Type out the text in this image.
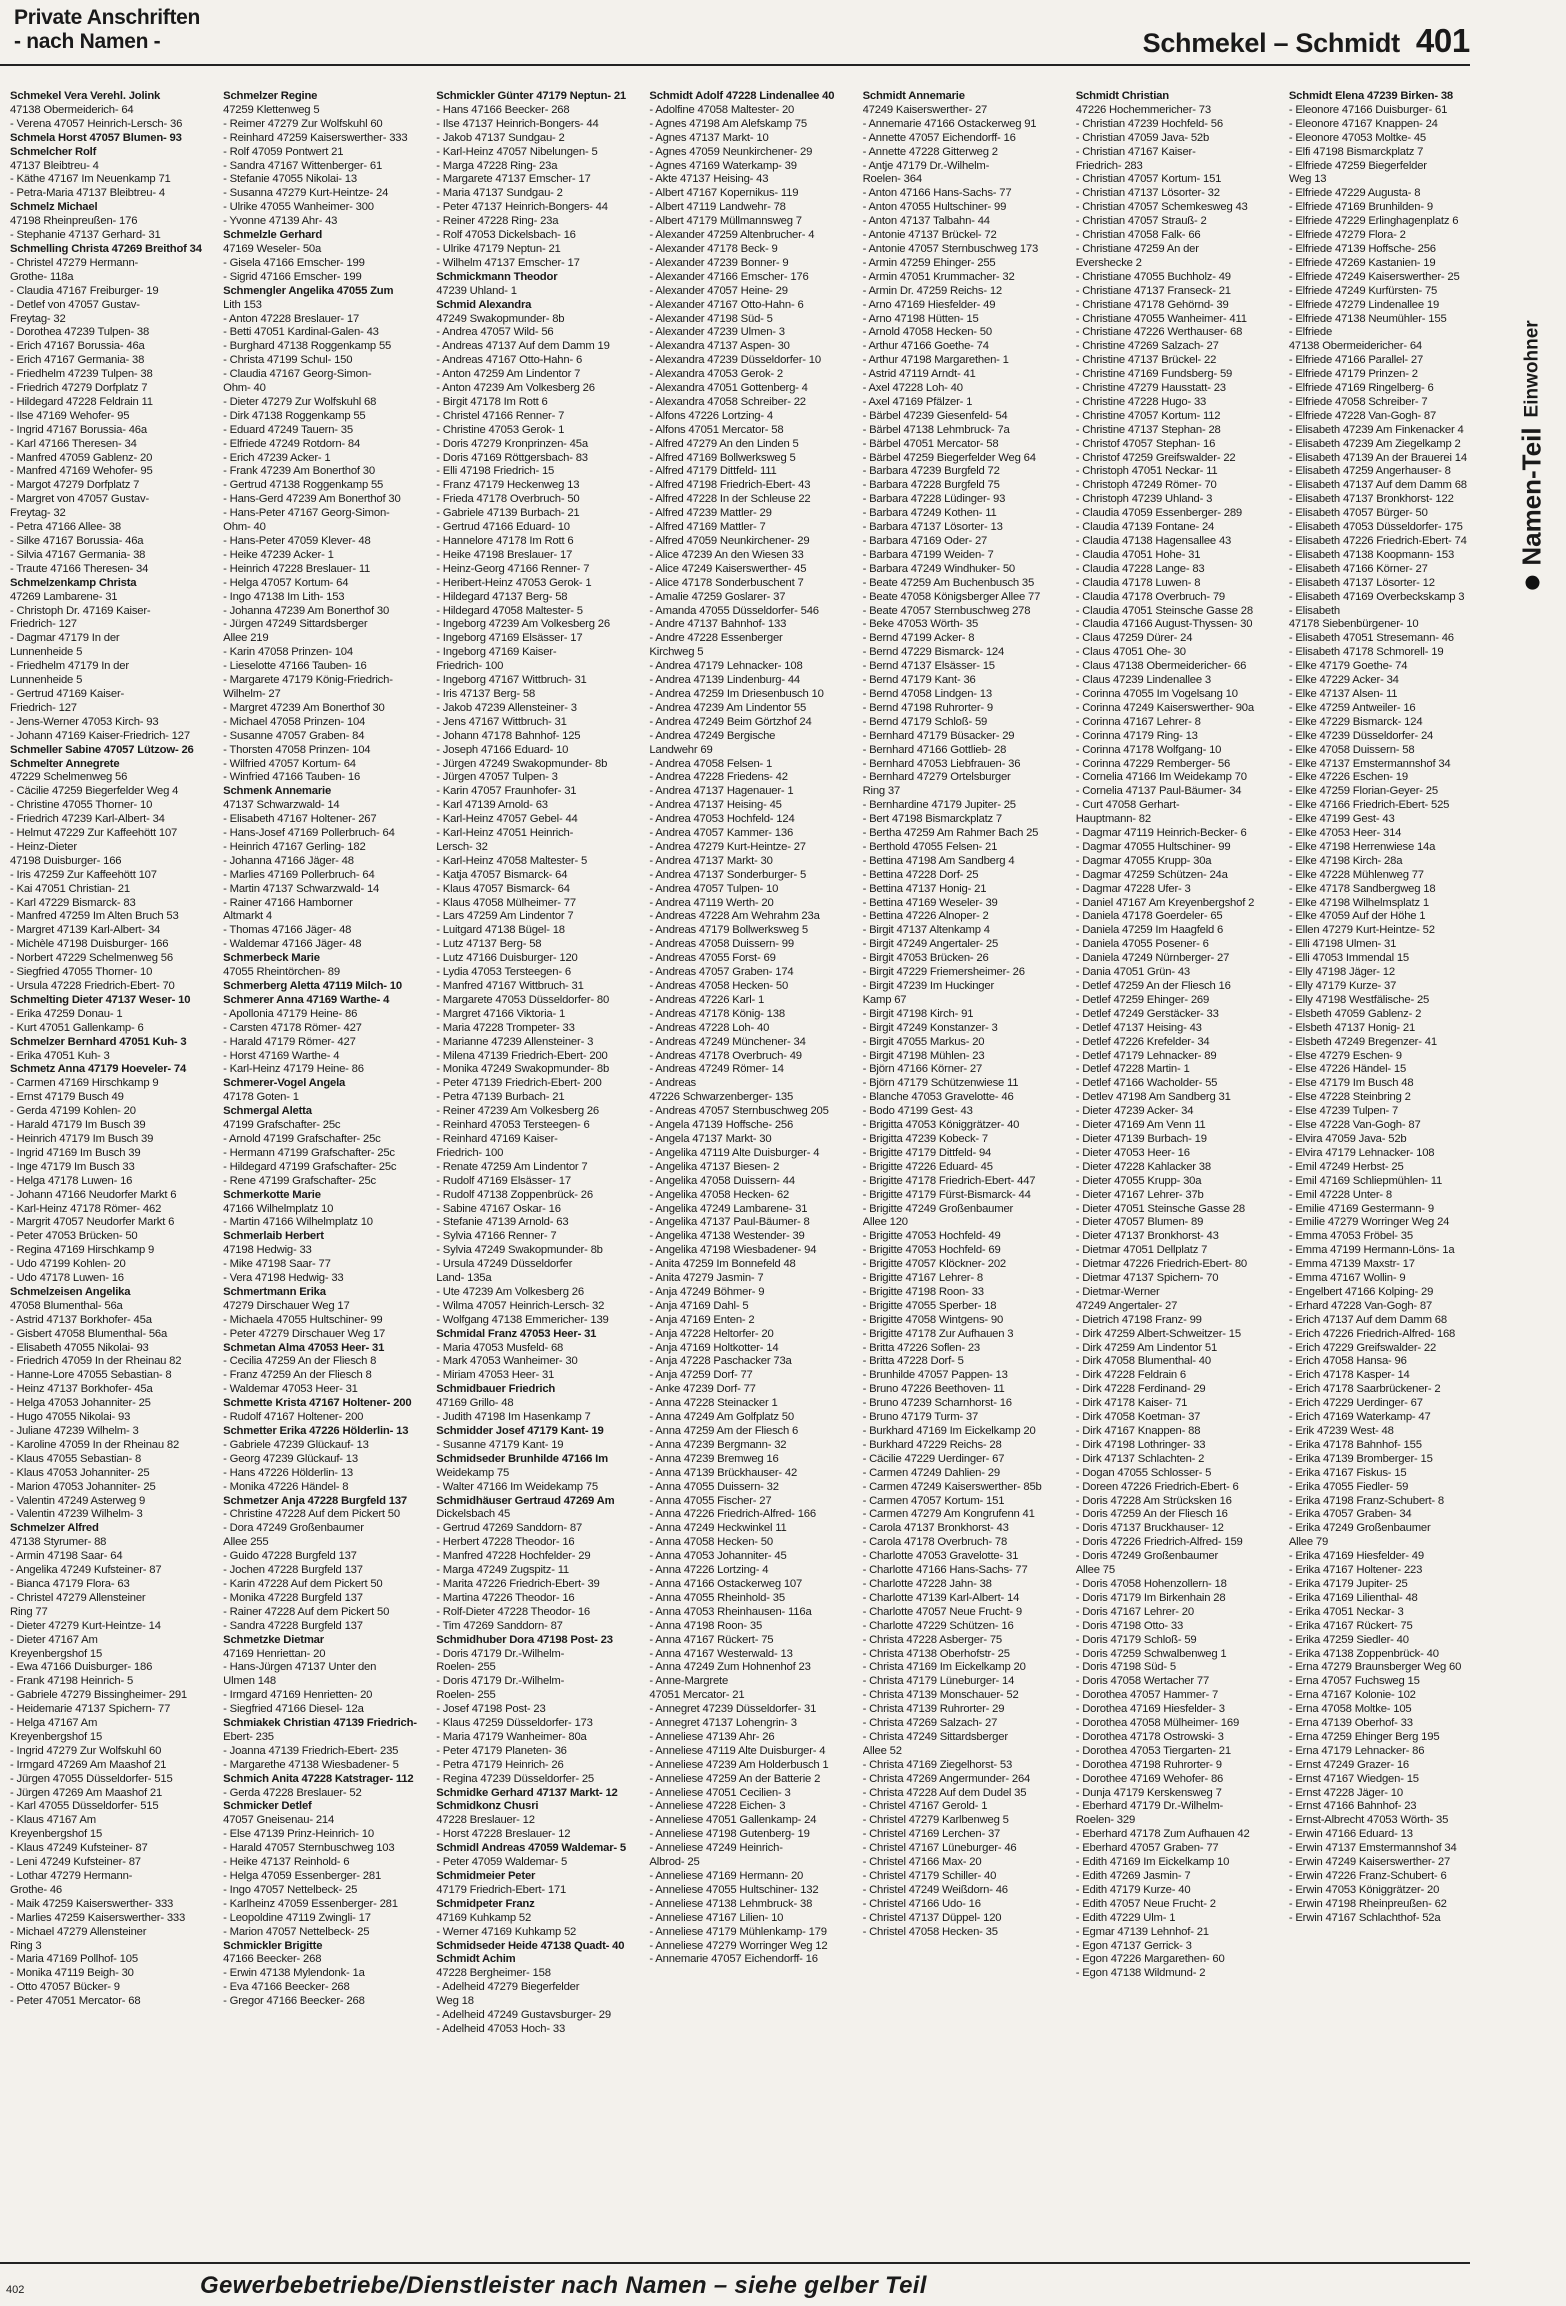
Private Anschriften
- nach Namen -	Schmekel – Schmidt 401
Namen-Teil
Einwohner
Schmekel Vera Verehl. Jolink
47138 Obermeiderich- 64
- Verena 47057 Heinrich-Lersch- 36
Schmela Horst 47057 Blumen- 93
Schmelcher Rolf
47137 Bleibtreu- 4
- Käthe 47167 Im Neuenkamp 71
- Petra-Maria 47137 Bleibtreu- 4
Schmelz Michael
47198 Rheinpreußen- 176
- Stephanie 47137 Gerhard- 31
Schmelling Christa 47269 Breithof 34
- Christel 47279 Hermann-
Grothe- 118a
- Claudia 47167 Freiburger- 19
- Detlef von 47057 Gustav-
Freytag- 32
- Dorothea 47239 Tulpen- 38
- Erich 47167 Borussia- 46a
- Erich 47167 Germania- 38
- Friedhelm 47239 Tulpen- 38
- Friedrich 47279 Dorfplatz 7
- Hildegard 47228 Feldrain 11
- Ilse 47169 Wehofer- 95
- Ingrid 47167 Borussia- 46a
- Karl 47166 Theresen- 34
- Manfred 47059 Gablenz- 20
- Manfred 47169 Wehofer- 95
- Margot 47279 Dorfplatz 7
- Margret von 47057 Gustav-
Freytag- 32
- Petra 47166 Allee- 38
- Silke 47167 Borussia- 46a
- Silvia 47167 Germania- 38
- Traute 47166 Theresen- 34
Schmelzenkamp Christa
47269 Lambarene- 31
- Christoph Dr. 47169 Kaiser-
Friedrich- 127
- Dagmar 47179 In der
Lunnenheide 5
- Friedhelm 47179 In der
Lunnenheide 5
- Gertrud 47169 Kaiser-
Friedrich- 127
- Jens-Werner 47053 Kirch- 93
- Johann 47169 Kaiser-Friedrich- 127
Schmeller Sabine 47057 Lützow- 26
Schmelter Annegrete
47229 Schelmenweg 56
- Cäcilie 47259 Biegerfelder Weg 4
- Christine 47055 Thorner- 10
- Friedrich 47239 Karl-Albert- 34
- Helmut 47229 Zur Kaffeehött 107
- Heinz-Dieter
47198 Duisburger- 166
- Iris 47259 Zur Kaffeehött 107
- Kai 47051 Christian- 21
- Karl 47229 Bismarck- 83
- Manfred 47259 Im Alten Bruch 53
- Margret 47139 Karl-Albert- 34
- Michèle 47198 Duisburger- 166
- Norbert 47229 Schelmenweg 56
- Siegfried 47055 Thorner- 10
- Ursula 47228 Friedrich-Ebert- 70
Schmelting Dieter 47137 Weser- 10
- Erika 47259 Donau- 1
- Kurt 47051 Gallenkamp- 6
Schmelzer Bernhard 47051 Kuh- 3
- Erika 47051 Kuh- 3
Schmetz Anna 47179 Hoeveler- 74
- Carmen 47169 Hirschkamp 9
- Ernst 47179 Busch 49
- Gerda 47199 Kohlen- 20
- Harald 47179 Im Busch 39
- Heinrich 47179 Im Busch 39
- Ingrid 47169 Im Busch 39
- Inge 47179 Im Busch 33
- Helga 47178 Luwen- 16
- Johann 47166 Neudorfer Markt 6
- Karl-Heinz 47178 Römer- 462
- Margrit 47057 Neudorfer Markt 6
- Peter 47053 Brücken- 50
- Regina 47169 Hirschkamp 9
- Udo 47199 Kohlen- 20
- Udo 47178 Luwen- 16
Schmelzeisen Angelika
47058 Blumenthal- 56a
- Astrid 47137 Borkhofer- 45a
- Gisbert 47058 Blumenthal- 56a
- Elisabeth 47055 Nikolai- 93
- Friedrich 47059 In der Rheinau 82
- Hanne-Lore 47055 Sebastian- 8
- Heinz 47137 Borkhofer- 45a
- Helga 47053 Johanniter- 25
- Hugo 47055 Nikolai- 93
- Juliane 47239 Wilhelm- 3
- Karoline 47059 In der Rheinau 82
- Klaus 47055 Sebastian- 8
- Klaus 47053 Johanniter- 25
- Marion 47053 Johanniter- 25
- Valentin 47249 Asterweg 9
- Valentin 47239 Wilhelm- 3
Schmelzer Alfred
47138 Styrumer- 88
- Armin 47198 Saar- 64
- Angelika 47249 Kufsteiner- 87
- Bianca 47179 Flora- 63
- Christel 47279 Allensteiner
Ring 77
- Dieter 47279 Kurt-Heintze- 14
- Dieter 47167 Am
Kreyenbergshof 15
- Ewa 47166 Duisburger- 186
- Frank 47198 Heinrich- 5
- Gabriele 47279 Bissingheimer- 291
- Heidemarie 47137 Spichern- 77
- Helga 47167 Am
Kreyenbergshof 15
- Ingrid 47279 Zur Wolfskuhl 60
- Irmgard 47269 Am Maashof 21
- Jürgen 47055 Düsseldorfer- 515
- Jürgen 47269 Am Maashof 21
- Karl 47055 Düsseldorfer- 515
- Klaus 47167 Am
Kreyenbergshof 15
- Klaus 47249 Kufsteiner- 87
- Leni 47249 Kufsteiner- 87
- Lothar 47279 Hermann-
Grothe- 46
- Maik 47259 Kaiserswerther- 333
- Marlies 47259 Kaiserswerther- 333
- Michael 47279 Allensteiner
Ring 3
- Maria 47169 Pollhof- 105
- Monika 47119 Beigh- 30
- Otto 47057 Bücker- 9
- Peter 47051 Mercator- 68
Schmelzer Regine
47259 Klettenweg 5
- Reimer 47279 Zur Wolfskuhl 60
- Reinhard 47259 Kaiserswerther- 333
- Rolf 47059 Pontwert 21
- Sandra 47167 Wittenberger- 61
- Stefanie 47055 Nikolai- 13
- Susanna 47279 Kurt-Heintze- 24
- Ulrike 47055 Wanheimer- 300
- Yvonne 47139 Ahr- 43
Schmelzle Gerhard
47169 Weseler- 50a
- Gisela 47166 Emscher- 199
- Sigrid 47166 Emscher- 199
Schmengler Angelika 47055 Zum
Lith 153
- Anton 47228 Breslauer- 17
- Betti 47051 Kardinal-Galen- 43
- Burghard 47138 Roggenkamp 55
- Christa 47199 Schul- 150
- Claudia 47167 Georg-Simon-
Ohm- 40
- Dieter 47279 Zur Wolfskuhl 68
- Dirk 47138 Roggenkamp 55
- Eduard 47249 Tauern- 35
- Elfriede 47249 Rotdorn- 84
- Erich 47239 Acker- 1
- Frank 47239 Am Bonerthof 30
- Gertrud 47138 Roggenkamp 55
- Hans-Gerd 47239 Am Bonerthof 30
- Hans-Peter 47167 Georg-Simon-
Ohm- 40
- Hans-Peter 47059 Klever- 48
- Heike 47239 Acker- 1
- Heinrich 47228 Breslauer- 11
- Helga 47057 Kortum- 64
- Ingo 47138 Im Lith- 153
- Johanna 47239 Am Bonerthof 30
- Jürgen 47249 Sittardsberger
Allee 219
- Karin 47058 Prinzen- 104
- Lieselotte 47166 Tauben- 16
- Margarete 47179 König-Friedrich-
Wilhelm- 27
- Margret 47239 Am Bonerthof 30
- Michael 47058 Prinzen- 104
- Susanne 47057 Graben- 84
- Thorsten 47058 Prinzen- 104
- Wilfried 47057 Kortum- 64
- Winfried 47166 Tauben- 16
Schmenk Annemarie
47137 Schwarzwald- 14
- Elisabeth 47167 Holtener- 267
- Hans-Josef 47169 Pollerbruch- 64
- Heinrich 47167 Gerling- 182
- Johanna 47166 Jäger- 48
- Marlies 47169 Pollerbruch- 64
- Martin 47137 Schwarzwald- 14
- Rainer 47166 Hamborner
Altmarkt 4
- Thomas 47166 Jäger- 48
- Waldemar 47166 Jäger- 48
Schmerbeck Marie
47055 Rheintörchen- 89
Schmerberg Aletta 47119 Milch- 10
Schmerer Anna 47169 Warthe- 4
- Apollonia 47179 Heine- 86
- Carsten 47178 Römer- 427
- Harald 47179 Römer- 427
- Horst 47169 Warthe- 4
- Karl-Heinz 47179 Heine- 86
Schmerer-Vogel Angela
47178 Goten- 1
Schmergal Aletta
47199 Grafschafter- 25c
- Arnold 47199 Grafschafter- 25c
- Hermann 47199 Grafschafter- 25c
- Hildegard 47199 Grafschafter- 25c
- Rene 47199 Grafschafter- 25c
Schmerkotte Marie
47166 Wilhelmplatz 10
- Martin 47166 Wilhelmplatz 10
Schmerlaib Herbert
47198 Hedwig- 33
- Mike 47198 Saar- 77
- Vera 47198 Hedwig- 33
Schmertmann Erika
47279 Dirschauer Weg 17
- Michaela 47055 Hultschiner- 99
- Peter 47279 Dirschauer Weg 17
Schmetan Alma 47053 Heer- 31
- Cecilia 47259 An der Fliesch 8
- Franz 47259 An der Fliesch 8
- Waldemar 47053 Heer- 31
Schmette Krista 47167 Holtener- 200
- Rudolf 47167 Holtener- 200
Schmetter Erika 47226 Hölderlin- 13
- Gabriele 47239 Glückauf- 13
- Georg 47239 Glückauf- 13
- Hans 47226 Hölderlin- 13
- Monika 47226 Händel- 8
Schmetzer Anja 47228 Burgfeld 137
- Christine 47228 Auf dem Pickert 50
- Dora 47249 Großenbaumer
Allee 255
- Guido 47228 Burgfeld 137
- Jochen 47228 Burgfeld 137
- Karin 47228 Auf dem Pickert 50
- Monika 47228 Burgfeld 137
- Rainer 47228 Auf dem Pickert 50
- Sandra 47228 Burgfeld 137
Schmetzke Dietmar
47169 Henriettan- 20
- Hans-Jürgen 47137 Unter den
Ulmen 148
- Irmgard 47169 Henrietten- 20
- Siegfried 47166 Diesel- 12a
Schmiakek Christian 47139 Friedrich-
Ebert- 235
- Joanna 47139 Friedrich-Ebert- 235
- Margarethe 47138 Wiesbadener- 5
Schmich Anita 47228 Katstrager- 112
- Gerda 47228 Breslauer- 52
Schmicker Detlef
47057 Gneisenau- 214
- Else 47139 Prinz-Heinrich- 10
- Harald 47057 Sternbuschweg 103
- Heike 47137 Reinhold- 6
- Helga 47059 Essenberger- 281
- Ingo 47057 Nettelbeck- 25
- Karlheinz 47059 Essenberger- 281
- Leopoldine 47119 Zwingli- 17
- Marion 47057 Nettelbeck- 25
Schmickler Brigitte
47166 Beecker- 268
- Erwin 47138 Mylendonk- 1a
- Eva 47166 Beecker- 268
- Gregor 47166 Beecker- 268
Schmickler Günter 47179 Neptun- 21
- Hans 47166 Beecker- 268
- Ilse 47137 Heinrich-Bongers- 44
- Jakob 47137 Sundgau- 2
- Karl-Heinz 47057 Nibelungen- 5
- Marga 47228 Ring- 23a
- Margarete 47137 Emscher- 17
- Maria 47137 Sundgau- 2
- Peter 47137 Heinrich-Bongers- 44
- Reiner 47228 Ring- 23a
- Rolf 47053 Dickelsbach- 16
- Ulrike 47179 Neptun- 21
- Wilhelm 47137 Emscher- 17
Schmickmann Theodor
47239 Uhland- 1
Schmid Alexandra
47249 Swakopmunder- 8b
- Andrea 47057 Wild- 56
- Andreas 47137 Auf dem Damm 19
- Andreas 47167 Otto-Hahn- 6
- Anton 47259 Am Lindentor 7
- Anton 47239 Am Volkesberg 26
- Birgit 47178 Im Rott 6
- Christel 47166 Renner- 7
- Christine 47053 Gerok- 1
- Doris 47279 Kronprinzen- 45a
- Doris 47169 Röttgersbach- 83
- Elli 47198 Friedrich- 15
- Franz 47179 Heckenweg 13
- Frieda 47178 Overbruch- 50
- Gabriele 47139 Burbach- 21
- Gertrud 47166 Eduard- 10
- Hannelore 47178 Im Rott 6
- Heike 47198 Breslauer- 17
- Heinz-Georg 47166 Renner- 7
- Heribert-Heinz 47053 Gerok- 1
- Hildegard 47137 Berg- 58
- Hildegard 47058 Maltester- 5
- Ingeborg 47239 Am Volkesberg 26
- Ingeborg 47169 Elsässer- 17
- Ingeborg 47169 Kaiser-
Friedrich- 100
- Ingeborg 47167 Wittbruch- 31
- Iris 47137 Berg- 58
- Jakob 47239 Allensteiner- 3
- Jens 47167 Wittbruch- 31
- Johann 47178 Bahnhof- 125
- Joseph 47166 Eduard- 10
- Jürgen 47249 Swakopmunder- 8b
- Jürgen 47057 Tulpen- 3
- Karin 47057 Fraunhofer- 31
- Karl 47139 Arnold- 63
- Karl-Heinz 47057 Gebel- 44
- Karl-Heinz 47051 Heinrich-
Lersch- 32
- Karl-Heinz 47058 Maltester- 5
- Katja 47057 Bismarck- 64
- Klaus 47057 Bismarck- 64
- Klaus 47058 Mülheimer- 77
- Lars 47259 Am Lindentor 7
- Luitgard 47138 Bügel- 18
- Lutz 47137 Berg- 58
- Lutz 47166 Duisburger- 120
- Lydia 47053 Tersteegen- 6
- Manfred 47167 Wittbruch- 31
- Margarete 47053 Düsseldorfer- 80
- Margret 47166 Viktoria- 1
- Maria 47228 Trompeter- 33
- Marianne 47239 Allensteiner- 3
- Milena 47139 Friedrich-Ebert- 200
- Monika 47249 Swakopmunder- 8b
- Peter 47139 Friedrich-Ebert- 200
- Petra 47139 Burbach- 21
- Reiner 47239 Am Volkesberg 26
- Reinhard 47053 Tersteegen- 6
- Reinhard 47169 Kaiser-
Friedrich- 100
- Renate 47259 Am Lindentor 7
- Rudolf 47169 Elsässer- 17
- Rudolf 47138 Zoppenbrück- 26
- Sabine 47167 Oskar- 16
- Stefanie 47139 Arnold- 63
- Sylvia 47166 Renner- 7
- Sylvia 47249 Swakopmunder- 8b
- Ursula 47249 Düsseldorfer
Land- 135a
- Ute 47239 Am Volkesberg 26
- Wilma 47057 Heinrich-Lersch- 32
- Wolfgang 47138 Emmericher- 139
Schmidal Franz 47053 Heer- 31
- Maria 47053 Musfeld- 68
- Mark 47053 Wanheimer- 30
- Miriam 47053 Heer- 31
Schmidbauer Friedrich
47169 Grillo- 48
- Judith 47198 Im Hasenkamp 7
Schmidder Josef 47179 Kant- 19
- Susanne 47179 Kant- 19
Schmidseder Brunhilde 47166 Im
Weidekamp 75
- Walter 47166 Im Weidekamp 75
Schmidhäuser Gertraud 47269 Am
Dickelsbach 45
- Gertrud 47269 Sanddorn- 87
- Herbert 47228 Theodor- 16
- Manfred 47228 Hochfelder- 29
- Marga 47249 Zugspitz- 11
- Marita 47226 Friedrich-Ebert- 39
- Martina 47226 Theodor- 16
- Rolf-Dieter 47228 Theodor- 16
- Tim 47269 Sanddorn- 87
Schmidhuber Dora 47198 Post- 23
- Doris 47179 Dr.-Wilhelm-
Roelen- 255
- Doris 47179 Dr.-Wilhelm-
Roelen- 255
- Josef 47198 Post- 23
- Klaus 47259 Düsseldorfer- 173
- Maria 47179 Wanheimer- 80a
- Peter 47179 Planeten- 36
- Petra 47179 Heinrich- 26
- Regina 47239 Düsseldorfer- 25
Schmidke Gerhard 47137 Markt- 12
Schmidkonz Chusri
47228 Breslauer- 12
- Horst 47228 Breslauer- 12
Schmidl Andreas 47059 Waldemar- 5
- Peter 47059 Waldemar- 5
Schmidmeier Peter
47179 Friedrich-Ebert- 171
Schmidpeter Franz
47169 Kuhkamp 52
- Werner 47169 Kuhkamp 52
Schmidseder Heide 47138 Quadt- 40
Schmidt Achim
47228 Bergheimer- 158
- Adelheid 47279 Biegerfelder
Weg 18
- Adelheid 47249 Gustavsburger- 29
- Adelheid 47053 Hoch- 33
Schmidt Adolf 47228 Lindenallee 40
- Adolfine 47058 Maltester- 20
- Agnes 47198 Am Alefskamp 75
- Agnes 47137 Markt- 10
- Agnes 47059 Neunkirchener- 29
- Agnes 47169 Waterkamp- 39
- Akte 47137 Heising- 43
- Albert 47167 Kopernikus- 119
- Albert 47119 Landwehr- 78
- Albert 47179 Müllmannsweg 7
- Alexander 47259 Altenbrucher- 4
- Alexander 47178 Beck- 9
- Alexander 47239 Bonner- 9
- Alexander 47166 Emscher- 176
- Alexander 47057 Heine- 29
- Alexander 47167 Otto-Hahn- 6
- Alexander 47198 Süd- 5
- Alexander 47239 Ulmen- 3
- Alexandra 47137 Aspen- 30
- Alexandra 47239 Düsseldorfer- 10
- Alexandra 47053 Gerok- 2
- Alexandra 47051 Gottenberg- 4
- Alexandra 47058 Schreiber- 22
- Alfons 47226 Lortzing- 4
- Alfons 47051 Mercator- 58
- Alfred 47279 An den Linden 5
- Alfred 47169 Bollwerksweg 5
- Alfred 47179 Dittfeld- 111
- Alfred 47198 Friedrich-Ebert- 43
- Alfred 47228 In der Schleuse 22
- Alfred 47239 Mattler- 29
- Alfred 47169 Mattler- 7
- Alfred 47059 Neunkirchener- 29
- Alice 47239 An den Wiesen 33
- Alice 47249 Kaiserswerther- 45
- Alice 47178 Sonderbuschent 7
- Amalie 47259 Goslarer- 37
- Amanda 47055 Düsseldorfer- 546
- Andre 47137 Bahnhof- 133
- Andre 47228 Essenberger
Kirchweg 5
- Andrea 47179 Lehnacker- 108
- Andrea 47139 Lindenburg- 44
- Andrea 47259 Im Driesenbusch 10
- Andrea 47239 Am Lindentor 55
- Andrea 47249 Beim Görtzhof 24
- Andrea 47249 Bergische
Landwehr 69
- Andrea 47058 Felsen- 1
- Andrea 47228 Friedens- 42
- Andrea 47137 Hagenauer- 1
- Andrea 47137 Heising- 45
- Andrea 47053 Hochfeld- 124
- Andrea 47057 Kammer- 136
- Andrea 47279 Kurt-Heintze- 27
- Andrea 47137 Markt- 30
- Andrea 47137 Sonderburger- 5
- Andrea 47057 Tulpen- 10
- Andrea 47119 Werth- 20
- Andreas 47228 Am Wehrahm 23a
- Andreas 47179 Bollwerksweg 5
- Andreas 47058 Duissern- 99
- Andreas 47055 Forst- 69
- Andreas 47057 Graben- 174
- Andreas 47058 Hecken- 50
- Andreas 47226 Karl- 1
- Andreas 47178 König- 138
- Andreas 47228 Loh- 40
- Andreas 47249 Münchener- 34
- Andreas 47178 Overbruch- 49
- Andreas 47249 Römer- 14
- Andreas
47226 Schwarzenberger- 135
- Andreas 47057 Sternbuschweg 205
- Angela 47139 Hoffsche- 256
- Angela 47137 Markt- 30
- Angelika 47119 Alte Duisburger- 4
- Angelika 47137 Biesen- 2
- Angelika 47058 Duissern- 44
- Angelika 47058 Hecken- 62
- Angelika 47249 Lambarene- 31
- Angelika 47137 Paul-Bäumer- 8
- Angelika 47138 Westender- 39
- Angelika 47198 Wiesbadener- 94
- Anita 47259 Im Bonnefeld 48
- Anita 47279 Jasmin- 7
- Anja 47249 Böhmer- 9
- Anja 47169 Dahl- 5
- Anja 47169 Enten- 2
- Anja 47228 Heltorfer- 20
- Anja 47169 Holtkotter- 14
- Anja 47228 Paschacker 73a
- Anja 47259 Dorf- 77
- Anke 47239 Dorf- 77
- Anna 47228 Steinacker 1
- Anna 47249 Am Golfplatz 50
- Anna 47259 Am der Fliesch 6
- Anna 47239 Bergmann- 32
- Anna 47239 Bremweg 16
- Anna 47139 Brückhauser- 42
- Anna 47055 Duissern- 32
- Anna 47055 Fischer- 27
- Anna 47226 Friedrich-Alfred- 166
- Anna 47249 Heckwinkel 11
- Anna 47058 Hecken- 50
- Anna 47053 Johanniter- 45
- Anna 47226 Lortzing- 4
- Anna 47166 Ostackerweg 107
- Anna 47055 Rheinhold- 35
- Anna 47053 Rheinhausen- 116a
- Anna 47198 Roon- 35
- Anna 47167 Rückert- 75
- Anna 47167 Westerwald- 13
- Anna 47249 Zum Hohnenhof 23
- Anne-Margrete
47051 Mercator- 21
- Annegret 47239 Düsseldorfer- 31
- Annegret 47137 Lohengrin- 3
- Anneliese 47139 Ahr- 26
- Anneliese 47119 Alte Duisburger- 4
- Anneliese 47239 Am Holderbusch 1
- Anneliese 47259 An der Batterie 2
- Anneliese 47051 Cecilien- 3
- Anneliese 47228 Eichen- 3
- Anneliese 47051 Gallenkamp- 24
- Anneliese 47198 Gutenberg- 19
- Anneliese 47249 Heinrich-
Albrod- 25
- Anneliese 47169 Hermann- 20
- Anneliese 47055 Hultschiner- 132
- Anneliese 47138 Lehmbruck- 38
- Anneliese 47167 Lilien- 10
- Anneliese 47179 Mühlenkamp- 179
- Anneliese 47279 Worringer Weg 12
- Annemarie 47057 Eichendorff- 16
Schmidt Annemarie
47249 Kaiserswerther- 27
- Annemarie 47166 Ostackerweg 91
- Annette 47057 Eichendorff- 16
- Annette 47228 Gitterweg 2
- Antje 47179 Dr.-Wilhelm-
Roelen- 364
- Anton 47166 Hans-Sachs- 77
- Anton 47055 Hultschiner- 99
- Anton 47137 Talbahn- 44
- Antonie 47137 Brückel- 72
- Antonie 47057 Sternbuschweg 173
- Armin 47259 Ehinger- 255
- Armin 47051 Krummacher- 32
- Armin Dr. 47259 Reichs- 12
- Arno 47169 Hiesfelder- 49
- Arno 47198 Hütten- 15
- Arnold 47058 Hecken- 50
- Arthur 47166 Goethe- 74
- Arthur 47198 Margarethen- 1
- Astrid 47119 Arndt- 41
- Axel 47228 Loh- 40
- Axel 47169 Pfälzer- 1
- Bärbel 47239 Giesenfeld- 54
- Bärbel 47138 Lehmbruck- 7a
- Bärbel 47051 Mercator- 58
- Bärbel 47259 Biegerfelder Weg 64
- Barbara 47239 Burgfeld 72
- Barbara 47228 Burgfeld 75
- Barbara 47228 Lüdinger- 93
- Barbara 47249 Kothen- 11
- Barbara 47137 Lösorter- 13
- Barbara 47169 Oder- 27
- Barbara 47199 Weiden- 7
- Barbara 47249 Windhuker- 50
- Beate 47259 Am Buchenbusch 35
- Beate 47058 Königsberger Allee 77
- Beate 47057 Sternbuschweg 278
- Beke 47053 Wörth- 35
- Bernd 47199 Acker- 8
- Bernd 47229 Bismarck- 124
- Bernd 47137 Elsässer- 15
- Bernd 47179 Kant- 36
- Bernd 47058 Lindgen- 13
- Bernd 47198 Ruhrorter- 9
- Bernd 47179 Schloß- 59
- Bernhard 47179 Büsacker- 29
- Bernhard 47166 Gottlieb- 28
- Bernhard 47053 Liebfrauen- 36
- Bernhard 47279 Ortelsburger
Ring 37
- Bernhardine 47179 Jupiter- 25
- Bert 47198 Bismarckplatz 7
- Bertha 47259 Am Rahmer Bach 25
- Berthold 47055 Felsen- 21
- Bettina 47198 Am Sandberg 4
- Bettina 47228 Dorf- 25
- Bettina 47137 Honig- 21
- Bettina 47169 Weseler- 39
- Bettina 47226 Alnoper- 2
- Birgit 47137 Altenkamp 4
- Birgit 47249 Angertaler- 25
- Birgit 47053 Brücken- 26
- Birgit 47229 Friemersheimer- 26
- Birgit 47239 Im Huckinger
Kamp 67
- Birgit 47198 Kirch- 91
- Birgit 47249 Konstanzer- 3
- Birgit 47055 Markus- 20
- Birgit 47198 Mühlen- 23
- Björn 47166 Körner- 27
- Björn 47179 Schützenwiese 11
- Blanche 47053 Gravelotte- 46
- Bodo 47199 Gest- 43
- Brigitta 47053 Königgrätzer- 40
- Brigitta 47239 Kobeck- 7
- Brigitte 47179 Dittfeld- 94
- Brigitte 47226 Eduard- 45
- Brigitte 47178 Friedrich-Ebert- 447
- Brigitte 47179 Fürst-Bismarck- 44
- Brigitte 47249 Großenbaumer
Allee 120
- Brigitte 47053 Hochfeld- 49
- Brigitte 47053 Hochfeld- 69
- Brigitte 47057 Klöckner- 202
- Brigitte 47167 Lehrer- 8
- Brigitte 47198 Roon- 33
- Brigitte 47055 Sperber- 18
- Brigitte 47058 Wintgens- 90
- Brigitte 47178 Zur Aufhauen 3
- Britta 47226 Soflen- 23
- Britta 47228 Dorf- 5
- Brunhilde 47057 Pappen- 13
- Bruno 47226 Beethoven- 11
- Bruno 47239 Scharnhorst- 16
- Bruno 47179 Turm- 37
- Burkhard 47169 Im Eickelkamp 20
- Burkhard 47229 Reichs- 28
- Cäcilie 47229 Uerdinger- 67
- Carmen 47249 Dahlien- 29
- Carmen 47249 Kaiserswerther- 85b
- Carmen 47057 Kortum- 151
- Carmen 47279 Am Kongrufenn 41
- Carola 47137 Bronkhorst- 43
- Carola 47178 Overbruch- 78
- Charlotte 47053 Gravelotte- 31
- Charlotte 47166 Hans-Sachs- 77
- Charlotte 47228 Jahn- 38
- Charlotte 47139 Karl-Albert- 14
- Charlotte 47057 Neue Frucht- 9
- Charlotte 47229 Schützen- 16
- Christa 47228 Asberger- 75
- Christa 47138 Oberhofstr- 25
- Christa 47169 Im Eickelkamp 20
- Christa 47179 Lüneburger- 14
- Christa 47139 Monschauer- 52
- Christa 47139 Ruhrorter- 29
- Christa 47269 Salzach- 27
- Christa 47249 Sittardsberger
Allee 52
- Christa 47169 Ziegelhorst- 53
- Christa 47269 Angermunder- 264
- Christa 47228 Auf dem Dudel 35
- Christel 47167 Gerold- 1
- Christel 47279 Karlbenweg 5
- Christel 47169 Lerchen- 37
- Christel 47167 Lüneburger- 46
- Christel 47166 Max- 20
- Christel 47179 Schiller- 40
- Christel 47249 Weißdorn- 46
- Christel 47166 Udo- 16
- Christel 47137 Düppel- 120
- Christel 47058 Hecken- 35
Schmidt Christian
47226 Hochemmericher- 73
- Christian 47239 Hochfeld- 56
- Christian 47059 Java- 52b
- Christian 47167 Kaiser-
Friedrich- 283
- Christian 47057 Kortum- 151
- Christian 47137 Lösorter- 32
- Christian 47057 Schemkesweg 43
- Christian 47057 Strauß- 2
- Christian 47058 Falk- 66
- Christiane 47259 An der
Evershecke 2
- Christiane 47055 Buchholz- 49
- Christiane 47137 Franseck- 21
- Christiane 47178 Gehörnd- 39
- Christiane 47055 Wanheimer- 411
- Christiane 47226 Werthauser- 68
- Christine 47269 Salzach- 27
- Christine 47137 Brückel- 22
- Christine 47169 Fundsberg- 59
- Christine 47279 Hausstatt- 23
- Christine 47228 Hugo- 33
- Christine 47057 Kortum- 112
- Christine 47137 Stephan- 28
- Christof 47057 Stephan- 16
- Christof 47259 Greifswalder- 22
- Christoph 47051 Neckar- 11
- Christoph 47249 Römer- 70
- Christoph 47239 Uhland- 3
- Claudia 47059 Essenberger- 289
- Claudia 47139 Fontane- 24
- Claudia 47138 Hagensallee 43
- Claudia 47051 Hohe- 31
- Claudia 47228 Lange- 83
- Claudia 47178 Luwen- 8
- Claudia 47178 Overbruch- 79
- Claudia 47051 Steinsche Gasse 28
- Claudia 47166 August-Thyssen- 30
- Claus 47259 Dürer- 24
- Claus 47051 Ohe- 30
- Claus 47138 Obermeidericher- 66
- Claus 47239 Lindenallee 3
- Corinna 47055 Im Vogelsang 10
- Corinna 47249 Kaiserswerther- 90a
- Corinna 47167 Lehrer- 8
- Corinna 47179 Ring- 13
- Corinna 47178 Wolfgang- 10
- Corinna 47229 Remberger- 56
- Cornelia 47166 Im Weidekamp 70
- Cornelia 47137 Paul-Bäumer- 34
- Curt 47058 Gerhart-
Hauptmann- 82
- Dagmar 47119 Heinrich-Becker- 6
- Dagmar 47055 Hultschiner- 99
- Dagmar 47055 Krupp- 30a
- Dagmar 47259 Schützen- 24a
- Dagmar 47228 Ufer- 3
- Daniel 47167 Am Kreyenbergshof 2
- Daniela 47178 Goerdeler- 65
- Daniela 47259 Im Haagfeld 6
- Daniela 47055 Posener- 6
- Daniela 47249 Nürnberger- 27
- Dania 47051 Grün- 43
- Detlef 47259 An der Fliesch 16
- Detlef 47259 Ehinger- 269
- Detlef 47249 Gerstäcker- 33
- Detlef 47137 Heising- 43
- Detlef 47226 Krefelder- 34
- Detlef 47179 Lehnacker- 89
- Detlef 47228 Martin- 1
- Detlef 47166 Wacholder- 55
- Detlev 47198 Am Sandberg 31
- Dieter 47239 Acker- 34
- Dieter 47169 Am Venn 11
- Dieter 47139 Burbach- 19
- Dieter 47053 Heer- 16
- Dieter 47228 Kahlacker 38
- Dieter 47055 Krupp- 30a
- Dieter 47167 Lehrer- 37b
- Dieter 47051 Steinsche Gasse 28
- Dieter 47057 Blumen- 89
- Dieter 47137 Bronkhorst- 43
- Dietmar 47051 Dellplatz 7
- Dietmar 47226 Friedrich-Ebert- 80
- Dietmar 47137 Spichern- 70
- Dietmar-Werner
47249 Angertaler- 27
- Dietrich 47198 Franz- 99
- Dirk 47259 Albert-Schweitzer- 15
- Dirk 47259 Am Lindentor 51
- Dirk 47058 Blumenthal- 40
- Dirk 47228 Feldrain 6
- Dirk 47228 Ferdinand- 29
- Dirk 47178 Kaiser- 71
- Dirk 47058 Koetman- 37
- Dirk 47167 Knappen- 88
- Dirk 47198 Lothringer- 33
- Dirk 47137 Schlachten- 2
- Dogan 47055 Schlosser- 5
- Doreen 47226 Friedrich-Ebert- 6
- Doris 47228 Am Strücksken 16
- Doris 47259 An der Fliesch 16
- Doris 47137 Bruckhauser- 12
- Doris 47226 Friedrich-Alfred- 159
- Doris 47249 Großenbaumer
Allee 75
- Doris 47058 Hohenzollern- 18
- Doris 47179 Im Birkenhain 28
- Doris 47167 Lehrer- 20
- Doris 47198 Otto- 33
- Doris 47179 Schloß- 59
- Doris 47259 Schwalbenweg 1
- Doris 47198 Süd- 5
- Doris 47058 Wertacher 77
- Dorothea 47057 Hammer- 7
- Dorothea 47169 Hiesfelder- 3
- Dorothea 47058 Mülheimer- 169
- Dorothea 47178 Ostrowski- 3
- Dorothea 47053 Tiergarten- 21
- Dorothea 47198 Ruhrorter- 9
- Dorothee 47169 Wehofer- 86
- Dunja 47179 Kerskensweg 7
- Eberhard 47179 Dr.-Wilhelm-
Roelen- 329
- Eberhard 47178 Zum Aufhauen 42
- Eberhard 47057 Graben- 77
- Edith 47169 Im Eickelkamp 10
- Edith 47269 Jasmin- 7
- Edith 47179 Kurze- 40
- Edith 47057 Neue Frucht- 2
- Edith 47229 Ulm- 1
- Egmar 47139 Lehnhof- 21
- Egon 47137 Gerrick- 3
- Egon 47226 Margarethen- 60
- Egon 47138 Wildmund- 2
Schmidt Elena 47239 Birken- 38
- Eleonore 47166 Duisburger- 61
- Eleonore 47167 Knappen- 24
- Eleonore 47053 Moltke- 45
- Elfi 47198 Bismarckplatz 7
- Elfriede 47259 Biegerfelder
Weg 13
- Elfriede 47229 Augusta- 8
- Elfriede 47169 Brunhilden- 9
- Elfriede 47229 Erlinghagenplatz 6
- Elfriede 47279 Flora- 2
- Elfriede 47139 Hoffsche- 256
- Elfriede 47269 Kastanien- 19
- Elfriede 47249 Kaiserswerther- 25
- Elfriede 47249 Kurfürsten- 75
- Elfriede 47279 Lindenallee 19
- Elfriede 47138 Neumühler- 155
- Elfriede
47138 Obermeidericher- 64
- Elfriede 47166 Parallel- 27
- Elfriede 47179 Prinzen- 2
- Elfriede 47169 Ringelberg- 6
- Elfriede 47058 Schreiber- 7
- Elfriede 47228 Van-Gogh- 87
- Elisabeth 47239 Am Finkenacker 4
- Elisabeth 47239 Am Ziegelkamp 2
- Elisabeth 47139 An der Brauerei 14
- Elisabeth 47259 Angerhauser- 8
- Elisabeth 47137 Auf dem Damm 68
- Elisabeth 47137 Bronkhorst- 122
- Elisabeth 47057 Bürger- 50
- Elisabeth 47053 Düsseldorfer- 175
- Elisabeth 47226 Friedrich-Ebert- 74
- Elisabeth 47138 Koopmann- 153
- Elisabeth 47166 Körner- 27
- Elisabeth 47137 Lösorter- 12
- Elisabeth 47169 Overbeckskamp 3
- Elisabeth
47178 Siebenbürgener- 10
- Elisabeth 47051 Stresemann- 46
- Elisabeth 47178 Schmorell- 19
- Elke 47179 Goethe- 74
- Elke 47229 Acker- 34
- Elke 47137 Alsen- 11
- Elke 47259 Antweiler- 16
- Elke 47229 Bismarck- 124
- Elke 47239 Düsseldorfer- 24
- Elke 47058 Duissern- 58
- Elke 47137 Emstermannshof 34
- Elke 47226 Eschen- 19
- Elke 47259 Florian-Geyer- 25
- Elke 47166 Friedrich-Ebert- 525
- Elke 47199 Gest- 43
- Elke 47053 Heer- 314
- Elke 47198 Herrenwiese 14a
- Elke 47198 Kirch- 28a
- Elke 47228 Mühlenweg 77
- Elke 47178 Sandbergweg 18
- Elke 47198 Wilhelmsplatz 1
- Elke 47059 Auf der Höhe 1
- Ellen 47279 Kurt-Heintze- 52
- Elli 47198 Ulmen- 31
- Elli 47053 Immendal 15
- Elly 47198 Jäger- 12
- Elly 47179 Kurze- 37
- Elly 47198 Westfälische- 25
- Elsbeth 47059 Gablenz- 2
- Elsbeth 47137 Honig- 21
- Elsbeth 47249 Bregenzer- 41
- Else 47279 Eschen- 9
- Else 47226 Händel- 15
- Else 47179 Im Busch 48
- Else 47228 Steinbring 2
- Else 47239 Tulpen- 7
- Else 47228 Van-Gogh- 87
- Elvira 47059 Java- 52b
- Elvira 47179 Lehnacker- 108
- Emil 47249 Herbst- 25
- Emil 47169 Schliepmühlen- 11
- Emil 47228 Unter- 8
- Emilie 47169 Gestermann- 9
- Emilie 47279 Worringer Weg 24
- Emma 47053 Fröbel- 35
- Emma 47199 Hermann-Löns- 1a
- Emma 47139 Maxstr- 17
- Emma 47167 Wollin- 9
- Engelbert 47166 Kolping- 29
- Erhard 47228 Van-Gogh- 87
- Erich 47137 Auf dem Damm 68
- Erich 47226 Friedrich-Alfred- 168
- Erich 47229 Greifswalder- 22
- Erich 47058 Hansa- 96
- Erich 47178 Kasper- 14
- Erich 47178 Saarbrückener- 2
- Erich 47229 Uerdinger- 67
- Erich 47169 Waterkamp- 47
- Erik 47239 West- 48
- Erika 47178 Bahnhof- 155
- Erika 47139 Bromberger- 15
- Erika 47167 Fiskus- 15
- Erika 47055 Fiedler- 59
- Erika 47198 Franz-Schubert- 8
- Erika 47057 Graben- 34
- Erika 47249 Großenbaumer
Allee 79
- Erika 47169 Hiesfelder- 49
- Erika 47167 Holtener- 223
- Erika 47179 Jupiter- 25
- Erika 47169 Lilienthal- 48
- Erika 47051 Neckar- 3
- Erika 47167 Rückert- 75
- Erika 47259 Siedler- 40
- Erika 47138 Zoppenbrück- 40
- Erna 47279 Braunsberger Weg 60
- Erna 47057 Fuchsweg 15
- Erna 47167 Kolonie- 102
- Erna 47058 Moltke- 105
- Erna 47139 Oberhof- 33
- Erna 47259 Ehinger Berg 195
- Erna 47179 Lehnacker- 86
- Ernst 47249 Grazer- 16
- Ernst 47167 Wiedgen- 15
- Ernst 47228 Jäger- 10
- Ernst 47166 Bahnhof- 23
- Ernst-Albrecht 47053 Wörth- 35
- Erwin 47166 Eduard- 13
- Erwin 47137 Emstermannshof 34
- Erwin 47249 Kaiserswerther- 27
- Erwin 47226 Franz-Schubert- 6
- Erwin 47053 Königgrätzer- 20
- Erwin 47198 Rheinpreußen- 62
- Erwin 47167 Schlachthof- 52a
402	Gewerbebetriebe/Dienstleister nach Namen – siehe gelber Teil
